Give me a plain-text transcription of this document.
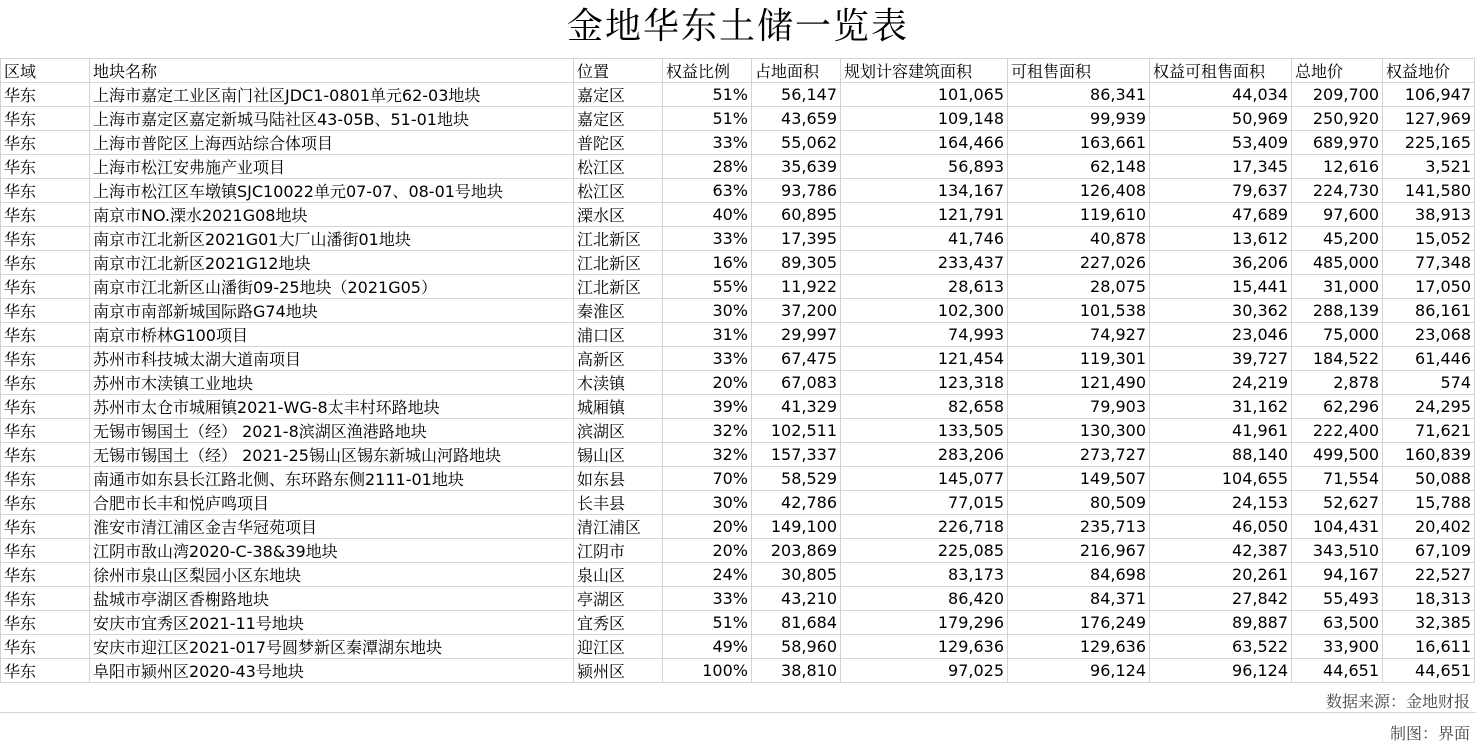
金地华东土储一览表
区域	地块名称	位置	权益比例	占地面积	规划计容建筑面积	可租售面积	权益可租售面积	总地价	权益地价
华东	上海市嘉定工业区南门社区JDC1-0801单元62-03地块	嘉定区	51%	56,147	101,065	86,341	44,034	209,700	106,947
华东	上海市嘉定区嘉定新城马陆社区43-05B、51-01地块	嘉定区	51%	43,659	109,148	99,939	50,969	250,920	127,969
华东	上海市普陀区上海西站综合体项目	普陀区	33%	55,062	164,466	163,661	53,409	689,970	225,165
华东	上海市松江安弗施产业项目	松江区	28%	35,639	56,893	62,148	17,345	12,616	3,521
华东	上海市松江区车墩镇SJC10022单元07-07、08-01号地块	松江区	63%	93,786	134,167	126,408	79,637	224,730	141,580
华东	南京市NO.溧水2021G08地块	溧水区	40%	60,895	121,791	119,610	47,689	97,600	38,913
华东	南京市江北新区2021G01大厂山潘街01地块	江北新区	33%	17,395	41,746	40,878	13,612	45,200	15,052
华东	南京市江北新区2021G12地块	江北新区	16%	89,305	233,437	227,026	36,206	485,000	77,348
华东	南京市江北新区山潘街09-25地块（2021G05）	江北新区	55%	11,922	28,613	28,075	15,441	31,000	17,050
华东	南京市南部新城国际路G74地块	秦淮区	30%	37,200	102,300	101,538	30,362	288,139	86,161
华东	南京市桥林G100项目	浦口区	31%	29,997	74,993	74,927	23,046	75,000	23,068
华东	苏州市科技城太湖大道南项目	高新区	33%	67,475	121,454	119,301	39,727	184,522	61,446
华东	苏州市木渎镇工业地块	木渎镇	20%	67,083	123,318	121,490	24,219	2,878	574
华东	苏州市太仓市城厢镇2021-WG-8太丰村环路地块	城厢镇	39%	41,329	82,658	79,903	31,162	62,296	24,295
华东	无锡市锡国土（经） 2021-8滨湖区渔港路地块	滨湖区	32%	102,511	133,505	130,300	41,961	222,400	71,621
华东	无锡市锡国土（经） 2021-25锡山区锡东新城山河路地块	锡山区	32%	157,337	283,206	273,727	88,140	499,500	160,839
华东	南通市如东县长江路北侧、东环路东侧2111-01地块	如东县	70%	58,529	145,077	149,507	104,655	71,554	50,088
华东	合肥市长丰和悦庐鸣项目	长丰县	30%	42,786	77,015	80,509	24,153	52,627	15,788
华东	淮安市清江浦区金吉华冠苑项目	清江浦区	20%	149,100	226,718	235,713	46,050	104,431	20,402
华东	江阴市敔山湾2020-C-38&39地块	江阴市	20%	203,869	225,085	216,967	42,387	343,510	67,109
华东	徐州市泉山区梨园小区东地块	泉山区	24%	30,805	83,173	84,698	20,261	94,167	22,527
华东	盐城市亭湖区香榭路地块	亭湖区	33%	43,210	86,420	84,371	27,842	55,493	18,313
华东	安庆市宜秀区2021-11号地块	宜秀区	51%	81,684	179,296	176,249	89,887	63,500	32,385
华东	安庆市迎江区2021-017号圆梦新区秦潭湖东地块	迎江区	49%	58,960	129,636	129,636	63,522	33,900	16,611
华东	阜阳市颍州区2020-43号地块	颍州区	100%	38,810	97,025	96,124	96,124	44,651	44,651
数据来源：金地财报
制图：界面
